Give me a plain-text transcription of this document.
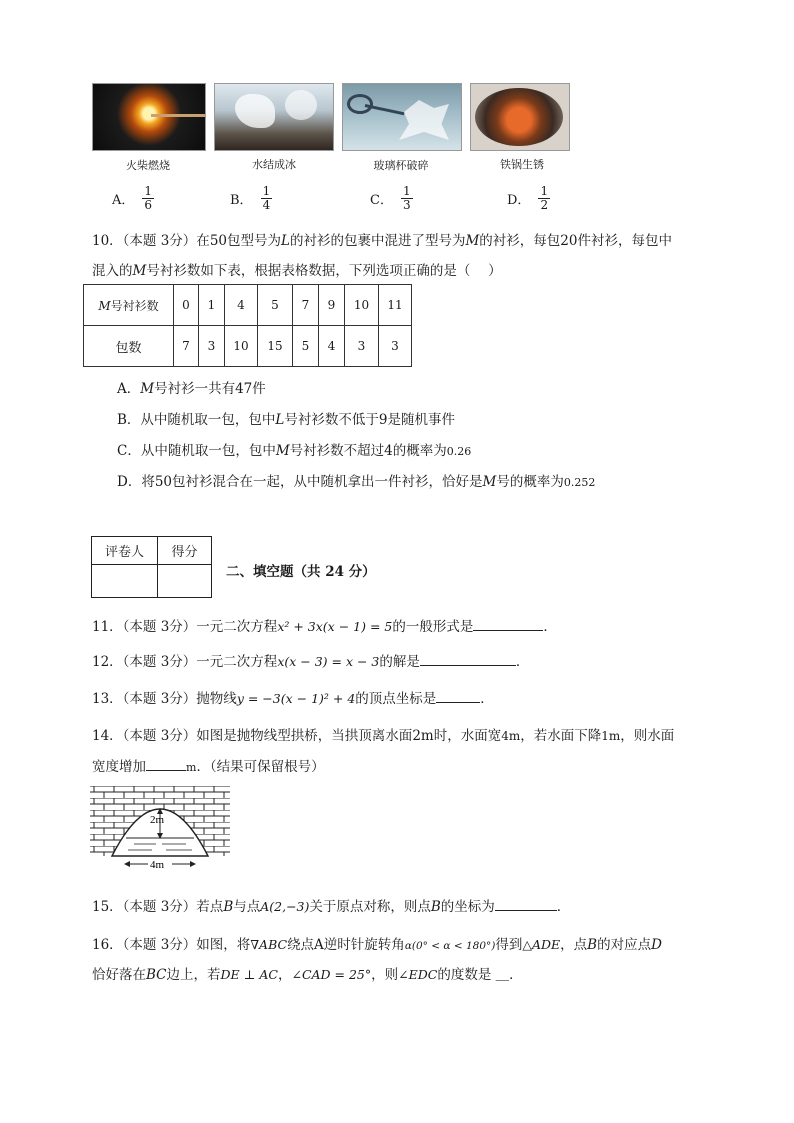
火柴燃烧	水结成冰	玻璃杯破碎	铁锅生锈
A． $\frac{1}{6}$	B． $\frac{1}{4}$	C． $\frac{1}{3}$	D． $\frac{1}{2}$
10．（本题 3分）在50包型号为L的衬衫的包裹中混进了型号为M的衬衫，每包20件衬衫，每包中
混入的M号衬衫数如下表，根据表格数据，下列选项正确的是（　 ）
M号衬衫数	0	1	4	5	7	9	10	11
包数	7	3	10	15	5	4	3	3
A．M号衬衫一共有47件
B．从中随机取一包，包中L号衬衫数不低于9是随机事件
C．从中随机取一包，包中M号衬衫数不超过4的概率为0.26
D．将50包衬衫混合在一起，从中随机拿出一件衬衫，恰好是M号的概率为0.252
评卷人	得分

二、填空题（共 24 分）
11．（本题 3分）一元二次方程x² + 3x(x − 1) = 5的一般形式是	．
12．（本题 3分）一元二次方程x(x − 3) = x − 3的解是	．
13．（本题 3分）抛物线y = −3(x − 1)² + 4的顶点坐标是	．
14．（本题 3分）如图是抛物线型拱桥，当拱顶离水面2m时，水面宽4m，若水面下降1m，则水面
宽度增加	m．（结果可保留根号）
2m
4m
15．（本题 3分）若点B与点A(2,−3)关于原点对称，则点B的坐标为	．
16．（本题 3分）如图，将∇ABC绕点A逆时针旋转角α(0° < α < 180°)得到△ADE，点B的对应点D
恰好落在BC边上，若DE ⊥ AC，∠CAD = 25°，则∠EDC的度数是 ＿．
